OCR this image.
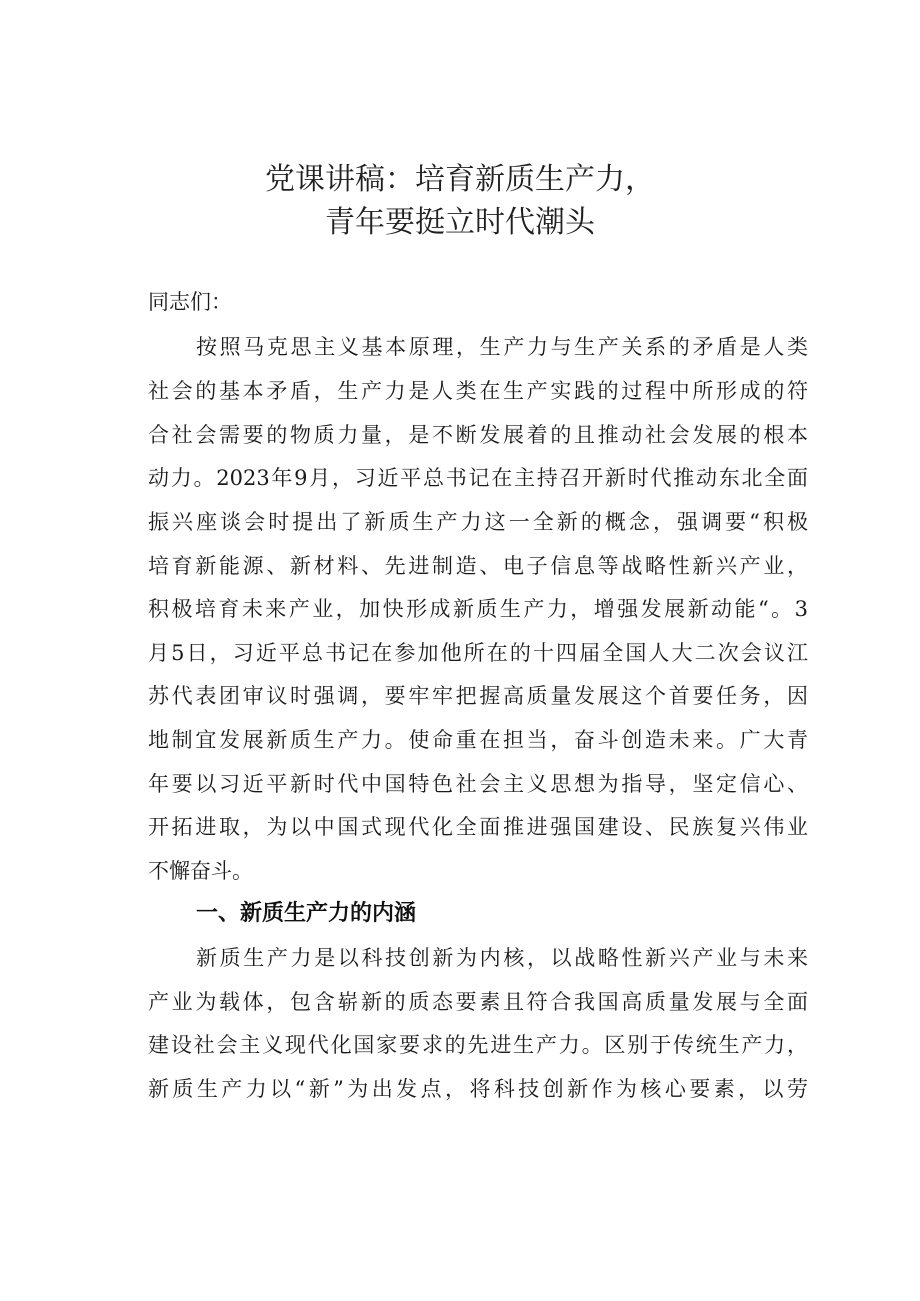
党课讲稿：培育新质生产力，
青年要挺立时代潮头

同志们：

按照马克思主义基本原理，生产力与生产关系的矛盾是人类

社会的基本矛盾，生产力是人类在生产实践的过程中所形成的符

合社会需要的物质力量，是不断发展着的且推动社会发展的根本

动力。2023年9月，习近平总书记在主持召开新时代推动东北全面

振兴座谈会时提出了新质生产力这一全新的概念，强调要“积极

培育新能源、新材料、先进制造、电子信息等战略性新兴产业，

积极培育未来产业，加快形成新质生产力，增强发展新动能“。3

月5日，习近平总书记在参加他所在的十四届全国人大二次会议江

苏代表团审议时强调，要牢牢把握高质量发展这个首要任务，因

地制宜发展新质生产力。使命重在担当，奋斗创造未来。广大青

年要以习近平新时代中国特色社会主义思想为指导，坚定信心、

开拓进取，为以中国式现代化全面推进强国建设、民族复兴伟业

不懈奋斗。

一、新质生产力的内涵

新质生产力是以科技创新为内核，以战略性新兴产业与未来

产业为载体，包含崭新的质态要素且符合我国高质量发展与全面

建设社会主义现代化国家要求的先进生产力。区别于传统生产力，

新质生产力以“新”为出发点，将科技创新作为核心要素，以劳
